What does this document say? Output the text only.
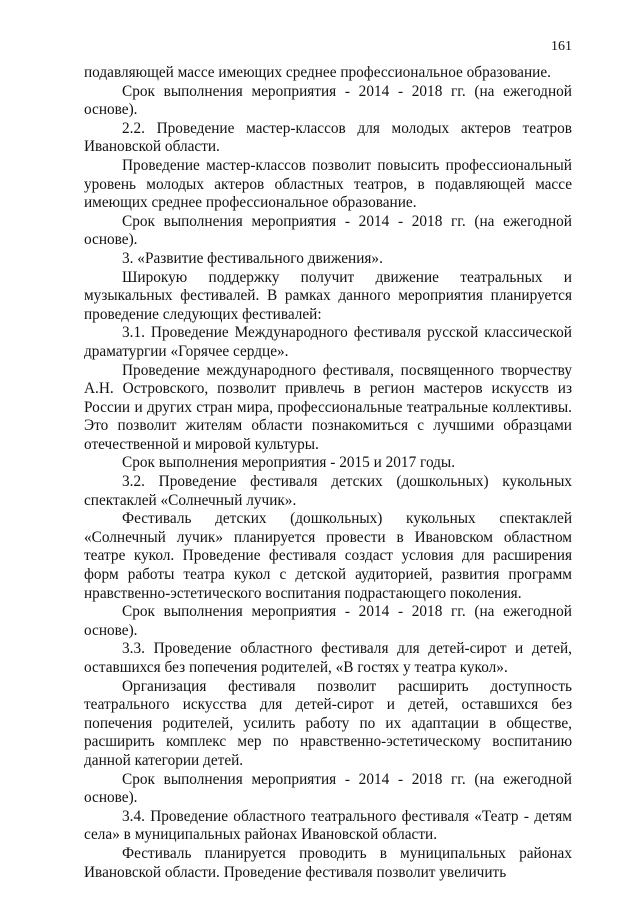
161

подавляющей массе имеющих среднее профессиональное образование.

Срок выполнения мероприятия - 2014 - 2018 гг. (на ежегодной основе).

2.2. Проведение мастер-классов для молодых актеров театров Ивановской области.

Проведение мастер-классов позволит повысить профессиональный уровень молодых актеров областных театров, в подавляющей массе имеющих среднее профессиональное образование.

Срок выполнения мероприятия - 2014 - 2018 гг. (на ежегодной основе).

3. «Развитие фестивального движения».

Широкую поддержку получит движение театральных и музыкальных фестивалей. В рамках данного мероприятия планируется проведение следующих фестивалей:

3.1. Проведение Международного фестиваля русской классической драматургии «Горячее сердце».

Проведение международного фестиваля, посвященного творчеству А.Н. Островского, позволит привлечь в регион мастеров искусств из России и других стран мира, профессиональные театральные коллективы. Это позволит жителям области познакомиться с лучшими образцами отечественной и мировой культуры.

Срок выполнения мероприятия - 2015 и 2017 годы.

3.2. Проведение фестиваля детских (дошкольных) кукольных спектаклей «Солнечный лучик».

Фестиваль детских (дошкольных) кукольных спектаклей «Солнечный лучик» планируется провести в Ивановском областном театре кукол. Проведение фестиваля создаст условия для расширения форм работы театра кукол с детской аудиторией, развития программ нравственно-эстетического воспитания подрастающего поколения.

Срок выполнения мероприятия - 2014 - 2018 гг. (на ежегодной основе).

3.3. Проведение областного фестиваля для детей-сирот и детей, оставшихся без попечения родителей, «В гостях у театра кукол».

Организация фестиваля позволит расширить доступность театрального искусства для детей-сирот и детей, оставшихся без попечения родителей, усилить работу по их адаптации в обществе, расширить комплекс мер по нравственно-эстетическому воспитанию данной категории детей.

Срок выполнения мероприятия - 2014 - 2018 гг. (на ежегодной основе).

3.4. Проведение областного театрального фестиваля «Театр - детям села» в муниципальных районах Ивановской области.

Фестиваль планируется проводить в муниципальных районах Ивановской области. Проведение фестиваля позволит увеличить
